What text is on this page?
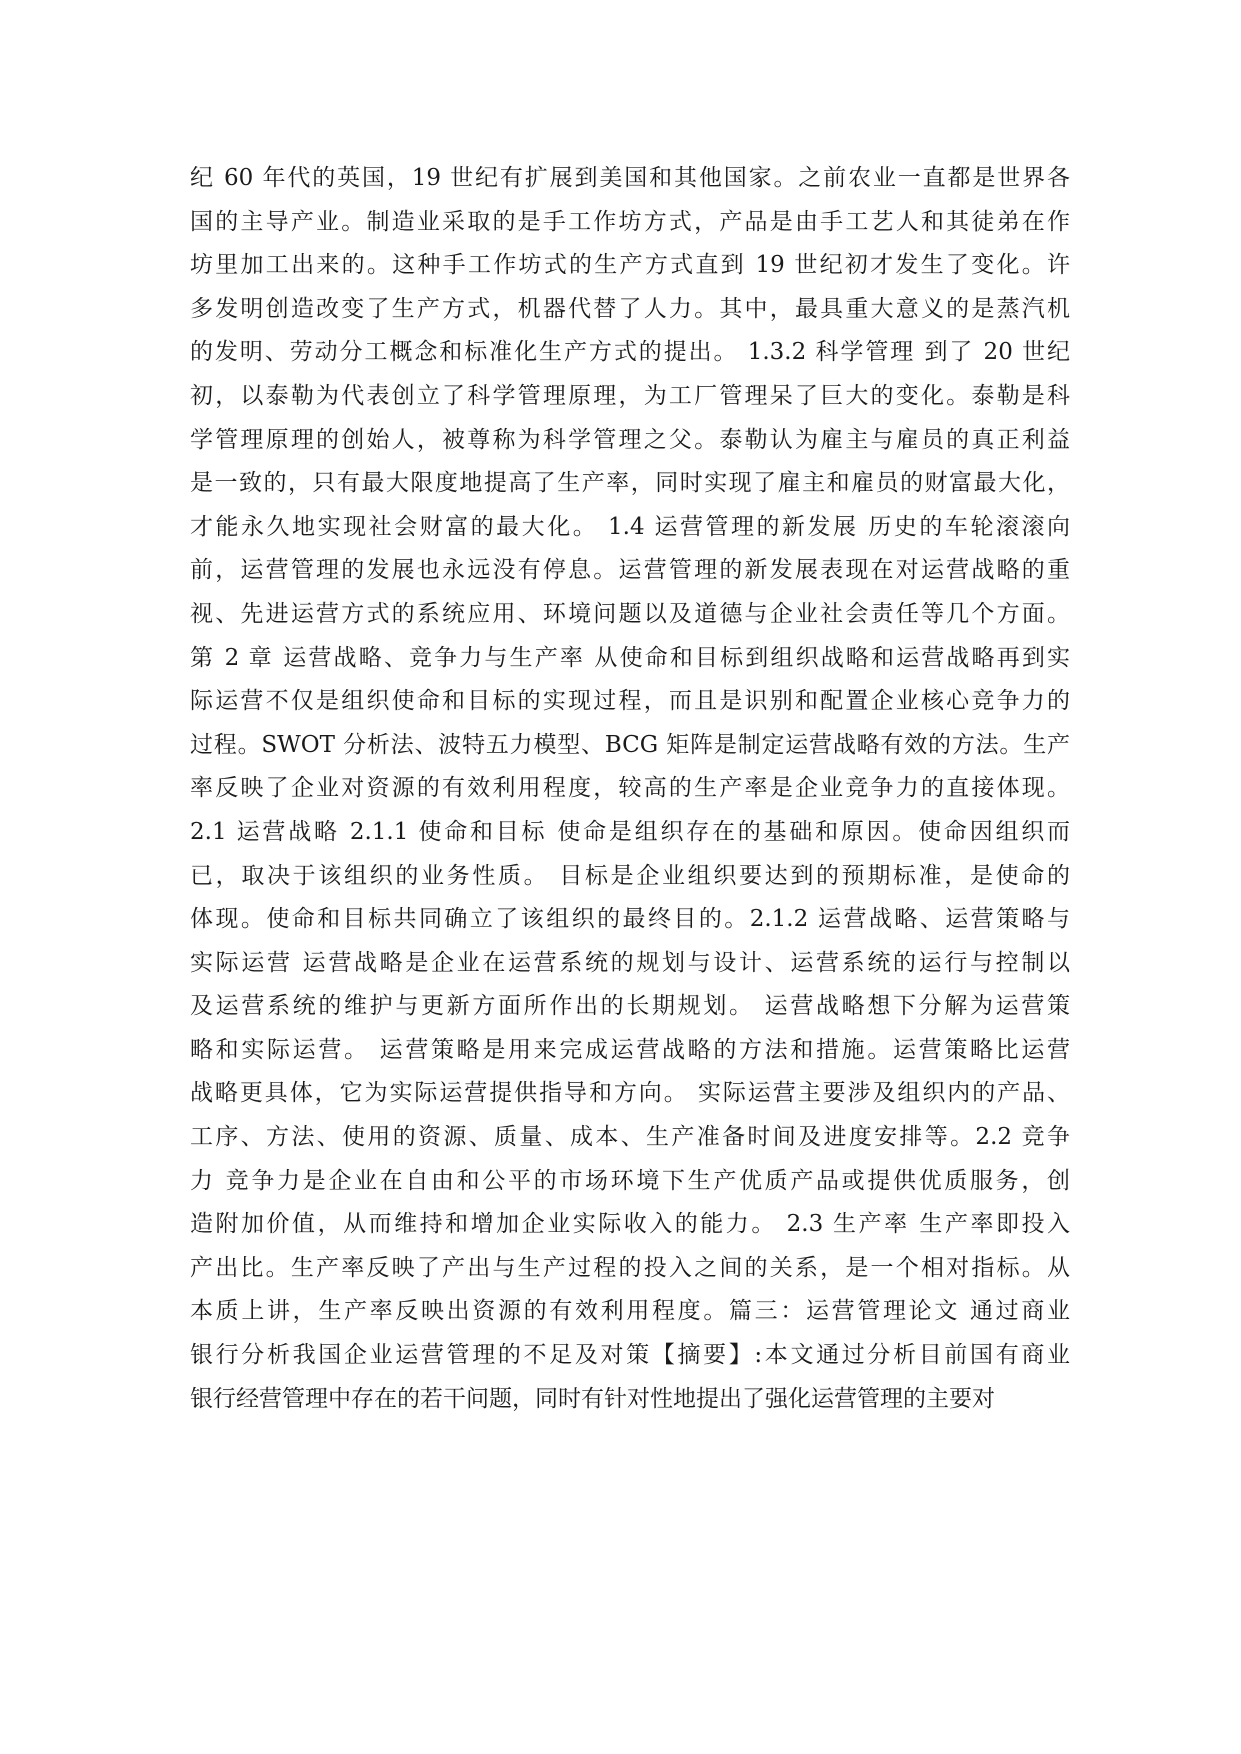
纪 60 年代的英国，19 世纪有扩展到美国和其他国家。之前农业一直都是世界各
国的主导产业。制造业采取的是手工作坊方式，产品是由手工艺人和其徒弟在作
坊里加工出来的。这种手工作坊式的生产方式直到 19 世纪初才发生了变化。许
多发明创造改变了生产方式，机器代替了人力。其中，最具重大意义的是蒸汽机
的发明、劳动分工概念和标准化生产方式的提出。 1.3.2 科学管理 到了 20 世纪
初，以泰勒为代表创立了科学管理原理，为工厂管理呆了巨大的变化。泰勒是科
学管理原理的创始人，被尊称为科学管理之父。泰勒认为雇主与雇员的真正利益
是一致的，只有最大限度地提高了生产率，同时实现了雇主和雇员的财富最大化，
才能永久地实现社会财富的最大化。 1.4 运营管理的新发展 历史的车轮滚滚向
前，运营管理的发展也永远没有停息。运营管理的新发展表现在对运营战略的重
视、先进运营方式的系统应用、环境问题以及道德与企业社会责任等几个方面。
第 2 章 运营战略、竞争力与生产率 从使命和目标到组织战略和运营战略再到实
际运营不仅是组织使命和目标的实现过程，而且是识别和配置企业核心竞争力的
过程。SWOT 分析法、波特五力模型、BCG 矩阵是制定运营战略有效的方法。生产
率反映了企业对资源的有效利用程度，较高的生产率是企业竞争力的直接体现。
2.1 运营战略 2.1.1 使命和目标 使命是组织存在的基础和原因。使命因组织而
已，取决于该组织的业务性质。 目标是企业组织要达到的预期标准，是使命的
体现。使命和目标共同确立了该组织的最终目的。2.1.2 运营战略、运营策略与
实际运营 运营战略是企业在运营系统的规划与设计、运营系统的运行与控制以
及运营系统的维护与更新方面所作出的长期规划。 运营战略想下分解为运营策
略和实际运营。 运营策略是用来完成运营战略的方法和措施。运营策略比运营
战略更具体，它为实际运营提供指导和方向。 实际运营主要涉及组织内的产品、
工序、方法、使用的资源、质量、成本、生产准备时间及进度安排等。2.2 竞争
力 竞争力是企业在自由和公平的市场环境下生产优质产品或提供优质服务，创
造附加价值，从而维持和增加企业实际收入的能力。 2.3 生产率 生产率即投入
产出比。生产率反映了产出与生产过程的投入之间的关系，是一个相对指标。从
本质上讲，生产率反映出资源的有效利用程度。篇三：运营管理论文 通过商业
银行分析我国企业运营管理的不足及对策【摘要】:本文通过分析目前国有商业
银行经营管理中存在的若干问题，同时有针对性地提出了强化运营管理的主要对
